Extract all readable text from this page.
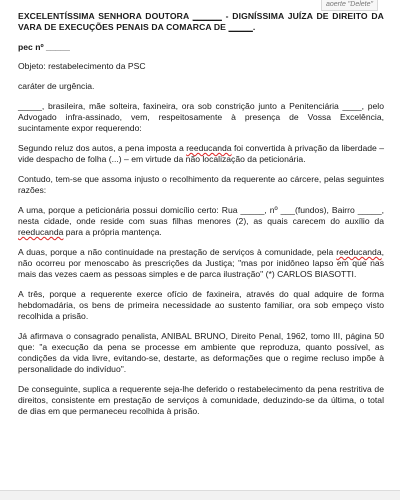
aoerte "Delete"
EXCELENTÍSSIMA SENHORA DOUTORA ______ - DIGNÍSSIMA JUÍZA DE DIREITO DA VARA DE EXECUÇÕES PENAIS DA COMARCA DE _____.
pec nº _____

Objeto: restabelecimento da PSC

caráter de urgência.

_____, brasileira, mãe solteira, faxineira, ora sob constrição junto a Penitenciária ____, pelo Advogado infra-assinado, vem, respeitosamente à presença de Vossa Excelência, sucintamente expor requerendo:

Segundo reluz dos autos, a pena imposta a reeducanda foi convertida à privação da liberdade – vide despacho de folha (...) – em virtude da não localização da peticionária.

Contudo, tem-se que assoma injusto o recolhimento da requerente ao cárcere, pelas seguintes razões:

A uma, porque a peticionária possui domicílio certo: Rua _____, nº ___(fundos), Bairro _____, nesta cidade, onde reside com suas filhas menores (2), as quais carecem do auxílio da reeducanda para a própria mantença.

A duas, porque a não continuidade na prestação de serviços à comunidade, pela reeducanda, não ocorreu por menoscabo às prescrições da Justiça; "mas por inidôneo lapso em que nas mais das vezes caem as pessoas simples e de parca ilustração" (*) CARLOS BIASOTTI.

A três, porque a requerente exerce ofício de faxineira, através do qual adquire de forma hebdomadária, os bens de primeira necessidade ao sustento familiar, ora sob empeço visto recolhida a prisão.

Já afirmava o consagrado penalista, ANIBAL BRUNO, Direito Penal, 1962, tomo III, página 50 que: "a execução da pena se processe em ambiente que reproduza, quanto possível, as condições da vida livre, evitando-se, destarte, as deformações que o regime recluso impõe à personalidade do indivíduo".

De conseguinte, suplica a requerente seja-lhe deferido o restabelecimento da pena restritiva de direitos, consistente em prestação de serviços à comunidade, deduzindo-se da última, o total de dias em que permaneceu recolhida à prisão.
